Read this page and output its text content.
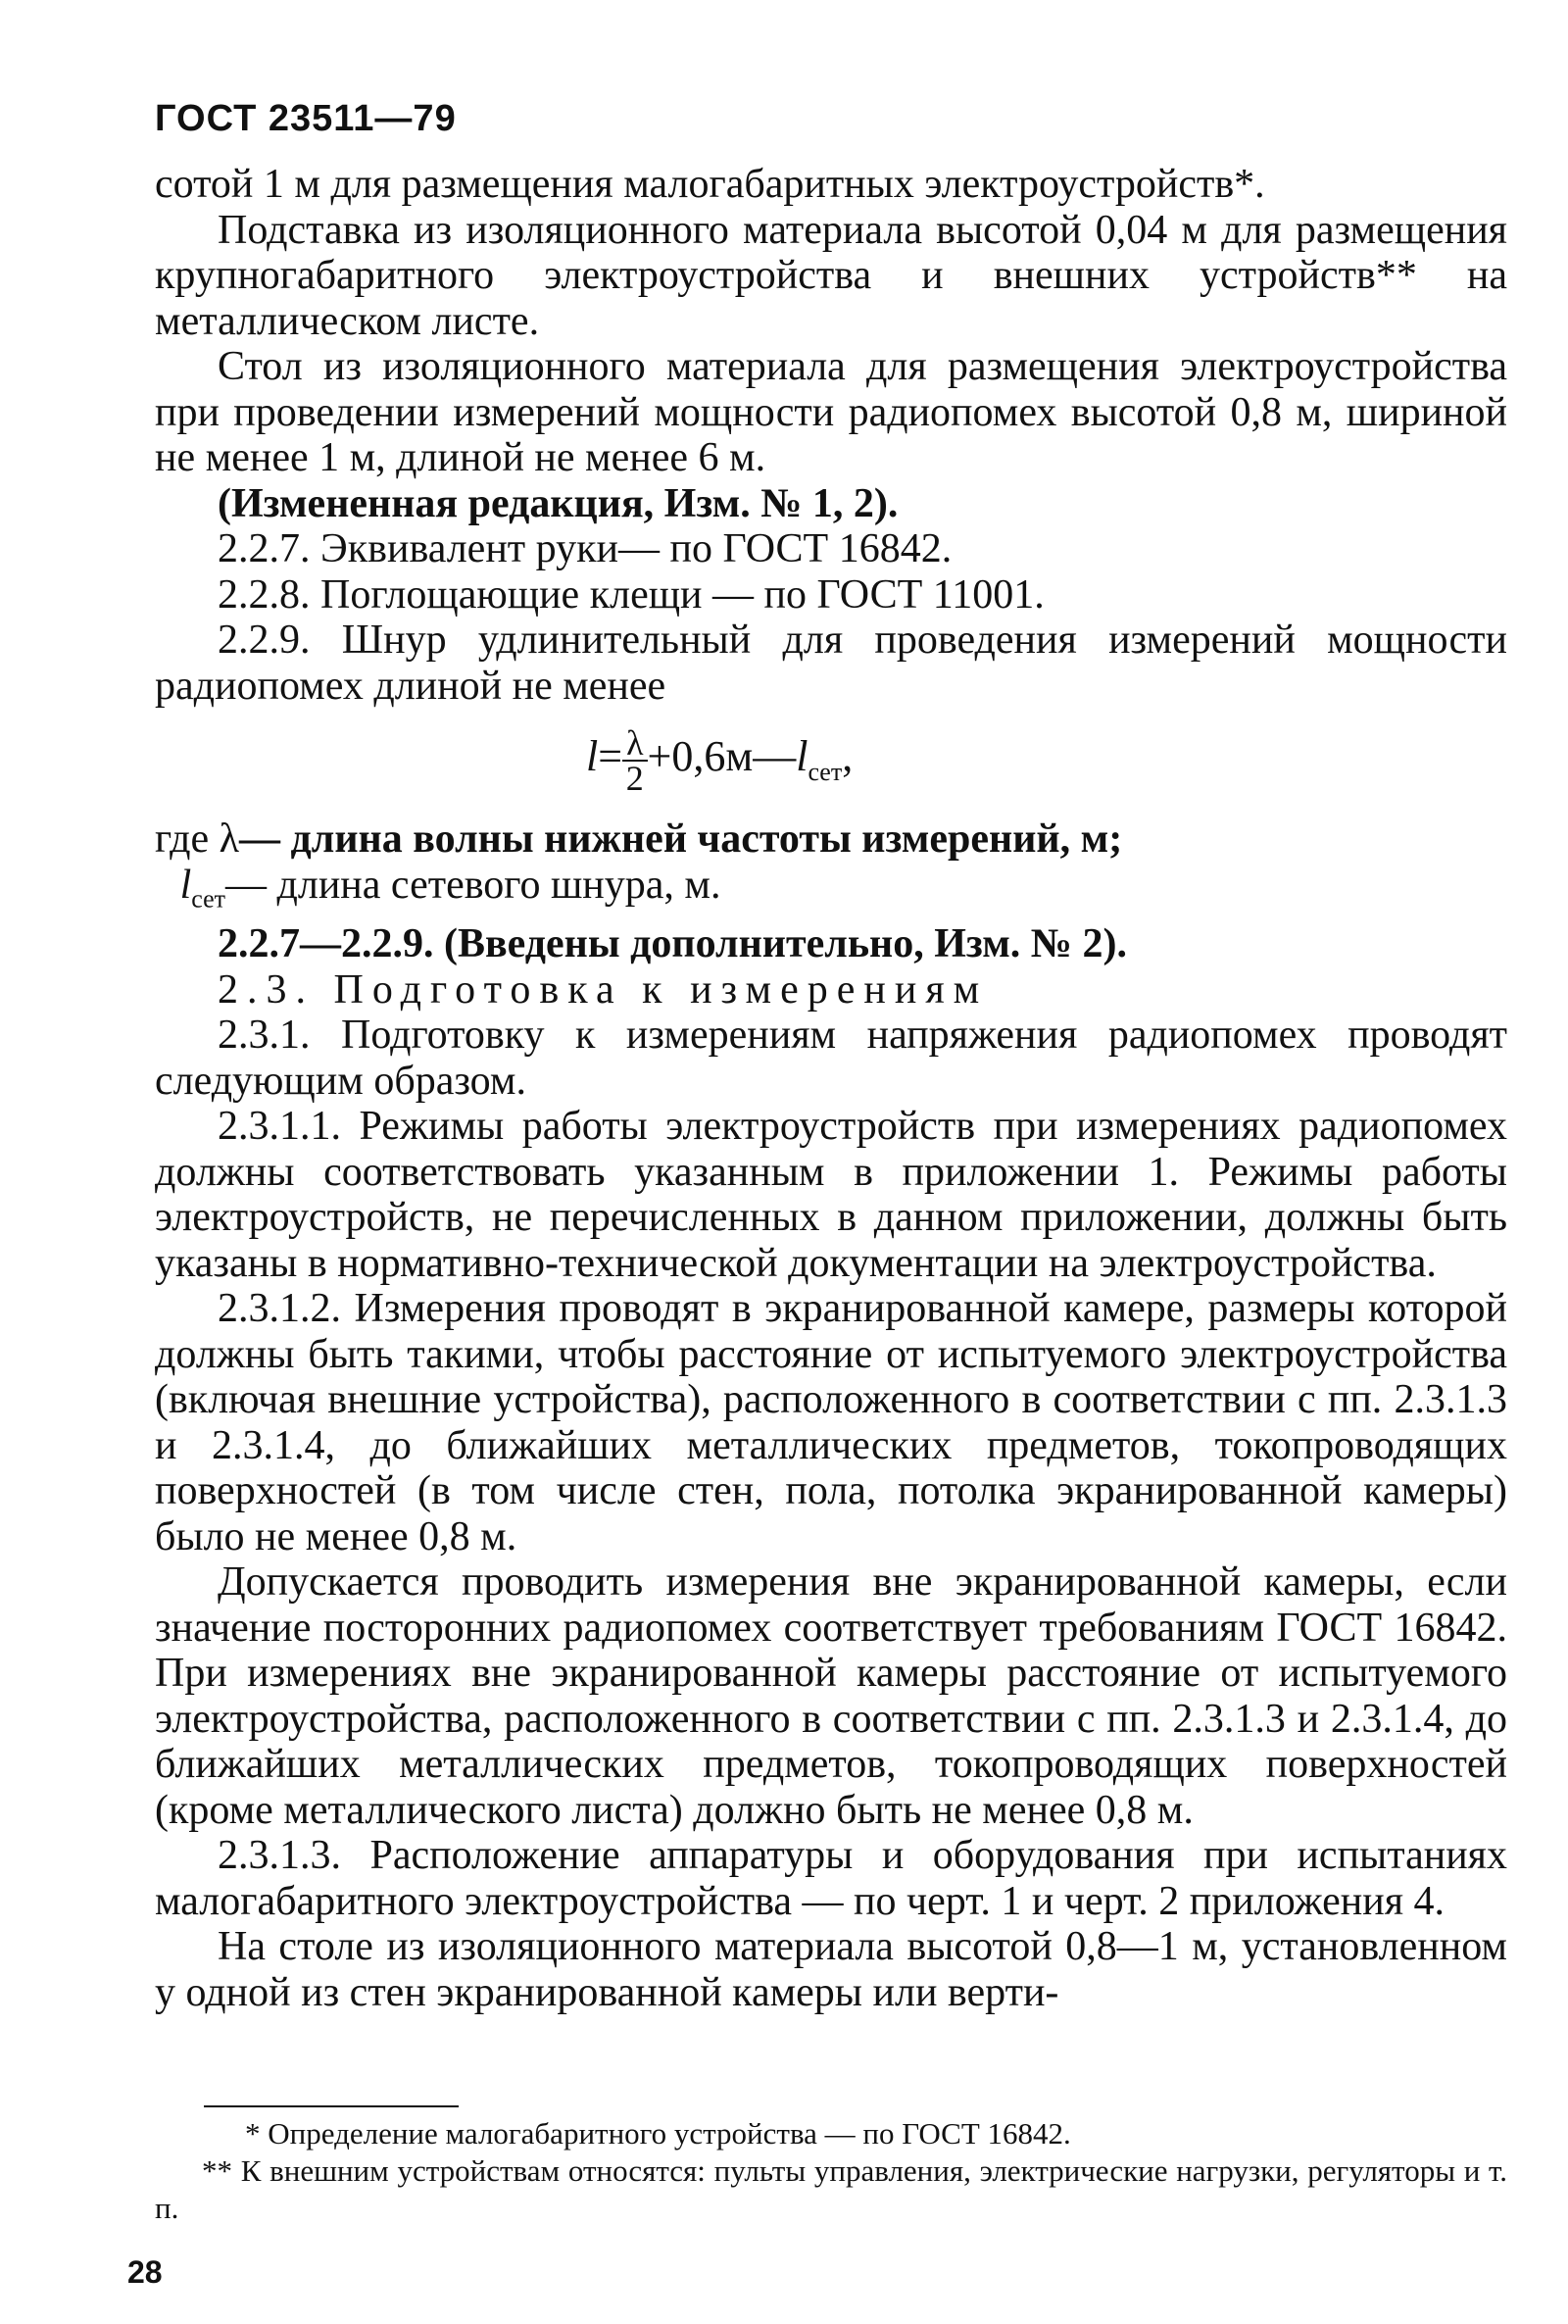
ГОСТ 23511—79

сотой 1 м для размещения малогабаритных электроустройств*.

Подставка из изоляционного материала высотой 0,04 м для размещения крупногабаритного электроустройства и внешних устройств** на металлическом листе.

Стол из изоляционного материала для размещения электроустройства при проведении измерений мощности радиопомех высотой 0,8 м, шириной не менее 1 м, длиной не менее 6 м.

(Измененная редакция, Изм. № 1, 2).

2.2.7. Эквивалент руки— по ГОСТ 16842.

2.2.8. Поглощающие клещи — по ГОСТ 11001.

2.2.9. Шнур удлинительный для проведения измерений мощности радиопомех длиной не менее

$l= \frac{\lambda}{2}$ $+0,6м—l_{сет}$,

где λ— длина волны нижней частоты измерений, м;

$l_{сет}—$ длина сетевого шнура, м.

2.2.7—2.2.9. (Введены дополнительно, Изм. № 2).

2.3. Подготовка к измерениям

2.3.1. Подготовку к измерениям напряжения радиопомех проводят следующим образом.

2.3.1.1. Режимы работы электроустройств при измерениях радиопомех должны соответствовать указанным в приложении 1. Режимы работы электроустройств, не перечисленных в данном приложении, должны быть указаны в нормативно-технической документации на электроустройства.

2.3.1.2. Измерения проводят в экранированной камере, размеры которой должны быть такими, чтобы расстояние от испытуемого электроустройства (включая внешние устройства), расположенного в соответствии с пп. 2.3.1.3 и 2.3.1.4, до ближайших металлических предметов, токопроводящих поверхностей (в том числе стен, пола, потолка экранированной камеры) было не менее 0,8 м.

Допускается проводить измерения вне экранированной камеры, если значение посторонних радиопомех соответствует требованиям ГОСТ 16842. При измерениях вне экранированной камеры расстояние от испытуемого электроустройства, расположенного в соответствии с пп. 2.3.1.3 и 2.3.1.4, до ближайших металлических предметов, токопроводящих поверхностей (кроме металлического листа) должно быть не менее 0,8 м.

2.3.1.3. Расположение аппаратуры и оборудования при испытаниях малогабаритного электроустройства — по черт. 1 и черт. 2 приложения 4.

На столе из изоляционного материала высотой 0,8—1 м, установленном у одной из стен экранированной камеры или верти-

* Определение малогабаритного устройства — по ГОСТ 16842.

** К внешним устройствам относятся: пульты управления, электрические нагрузки, регуляторы и т. п.

28
